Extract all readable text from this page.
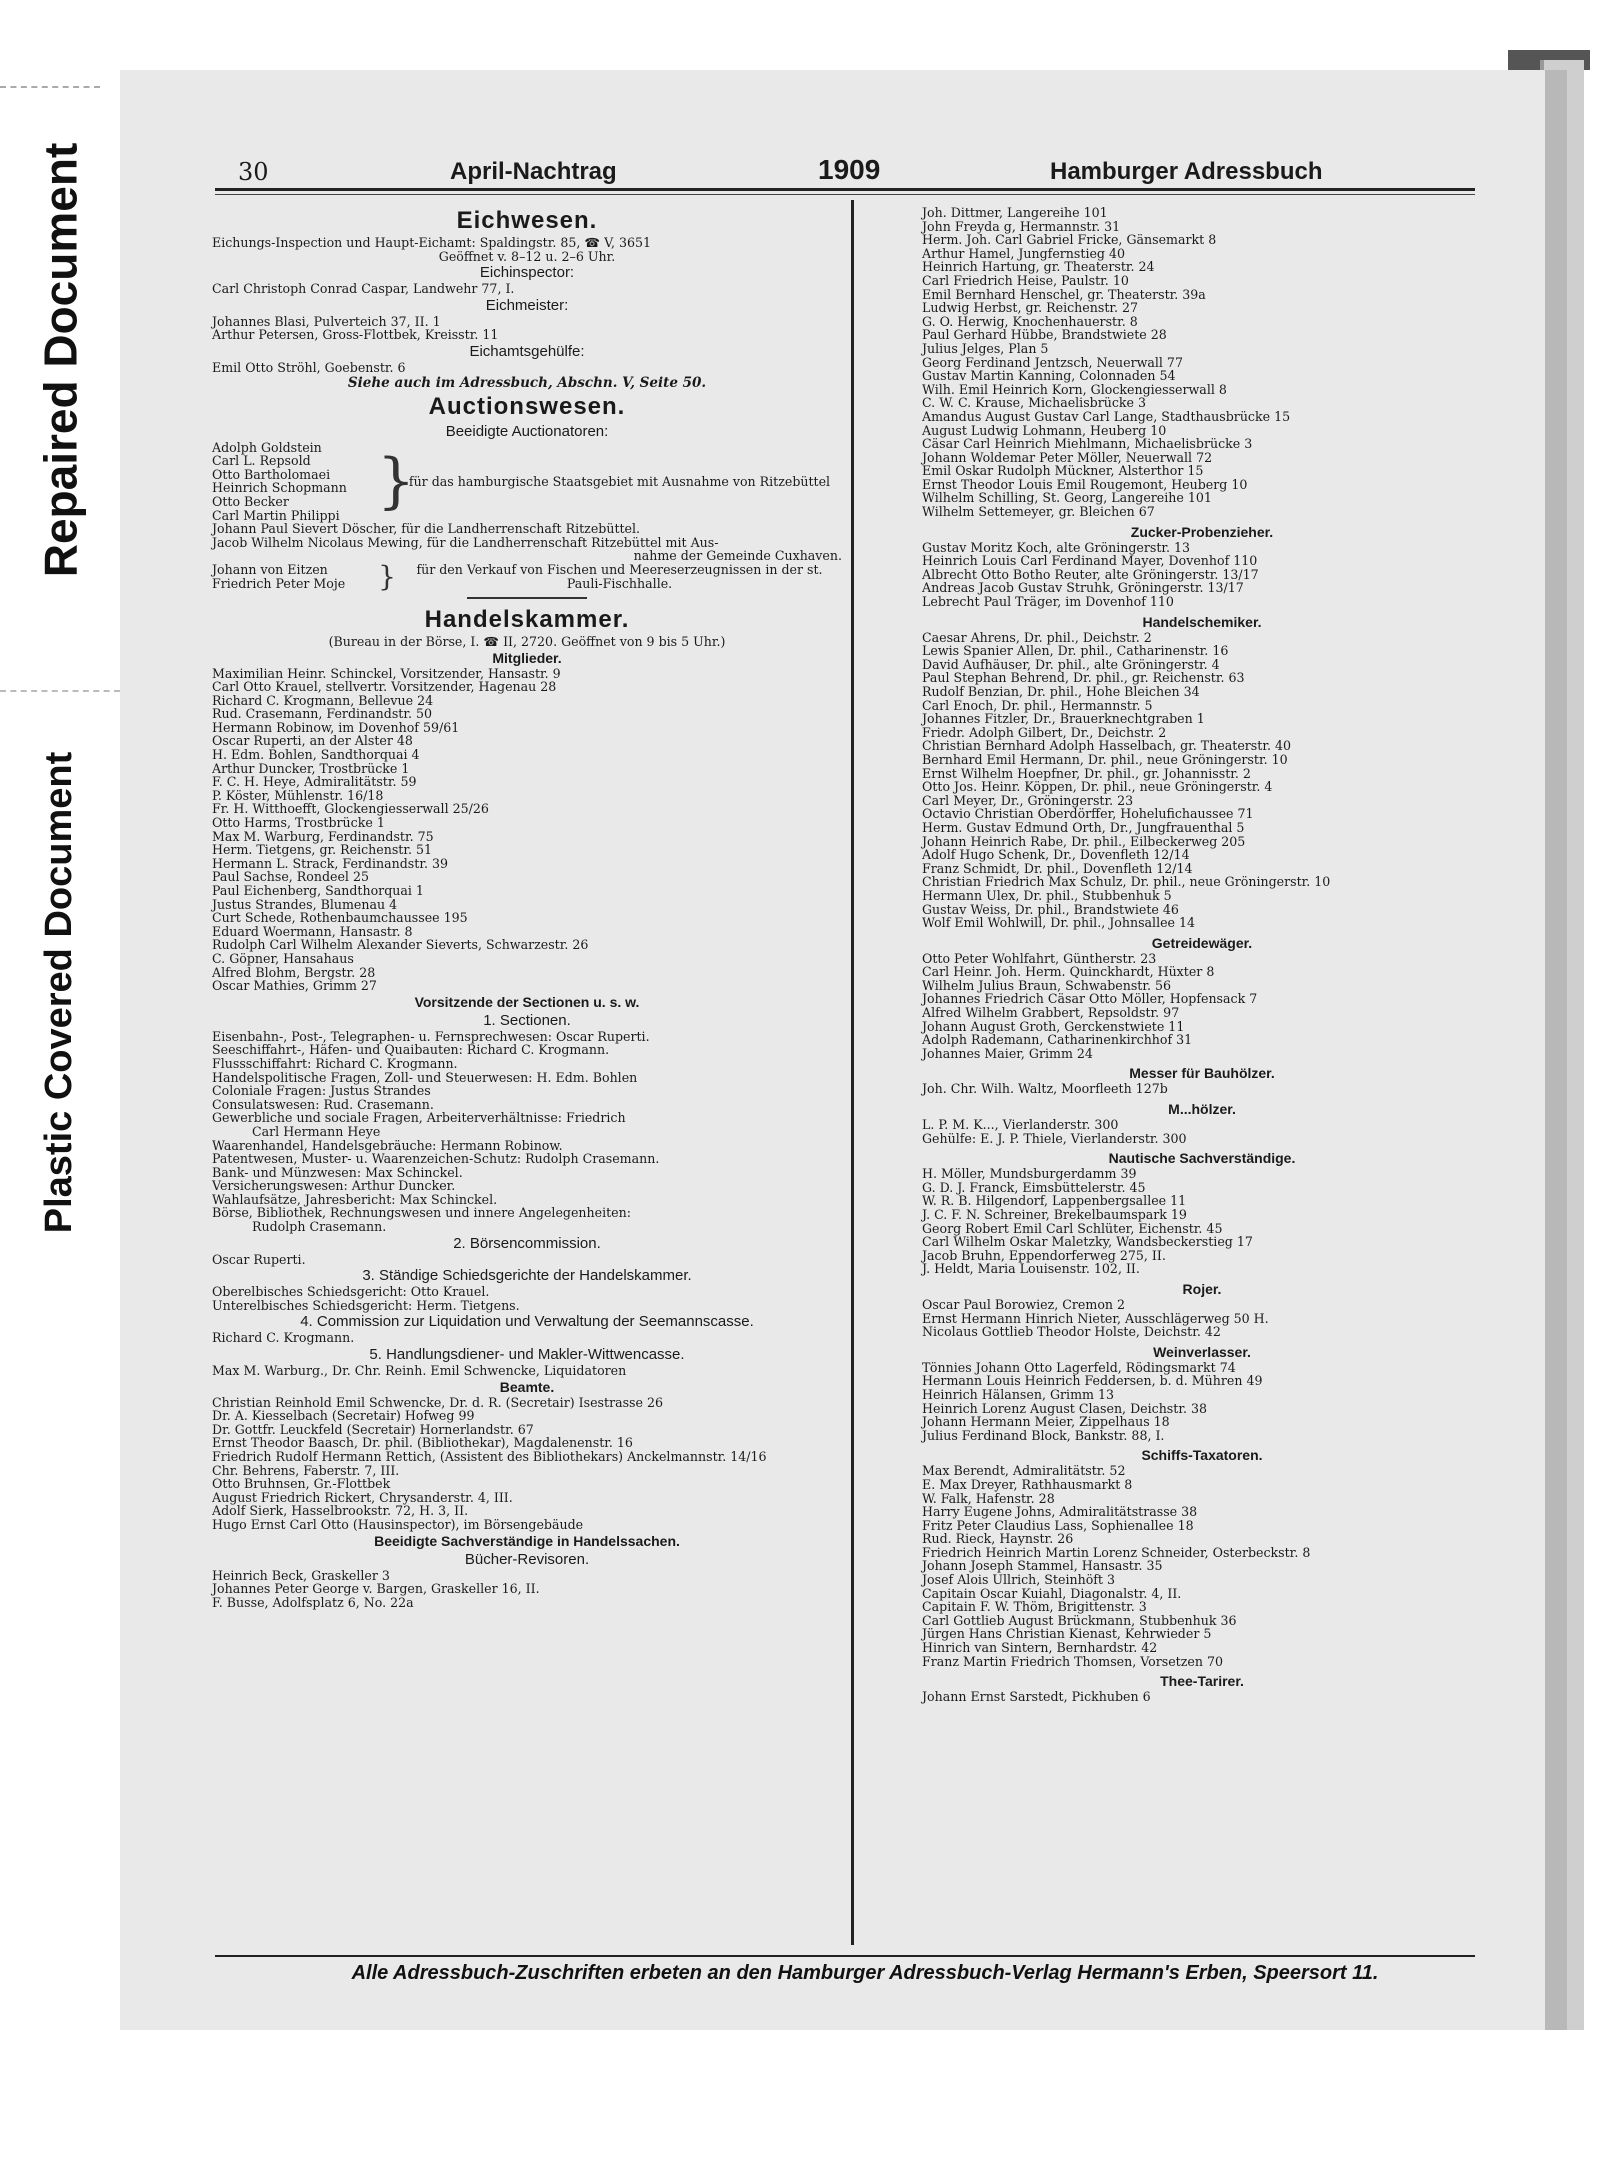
Repaired Document
Plastic Covered Document
30	April-Nachtrag	1909	Hamburger Adressbuch
Eichwesen.
Eichungs-Inspection und Haupt-Eichamt: Spaldingstr. 85, ☎ V, 3651
Geöffnet v. 8–12 u. 2–6 Uhr.
Eichinspector:
Carl Christoph Conrad Caspar, Landwehr 77, I.
Eichmeister:
Johannes Blasi, Pulverteich 37, II. 1
Arthur Petersen, Gross-Flottbek, Kreisstr. 11
Eichamtsgehülfe:
Emil Otto Ströhl, Goebenstr. 6
Siehe auch im Adressbuch, Abschn. V, Seite 50.
Auctionswesen.
Beeidigte Auctionatoren:
Adolph Goldstein
Carl L. Repsold
Otto Bartholomaei
Heinrich Schopmann
Otto Becker
Carl Martin Philippi }
für das hamburgische Staatsgebiet mit Ausnahme von Ritzebüttel
Johann Paul Sievert Döscher, für die Landherrenschaft Ritzebüttel.
Jacob Wilhelm Nicolaus Mewing, für die Landherrenschaft Ritzebüttel mit Aus-
nahme der Gemeinde Cuxhaven.
Johann von Eitzen
Friedrich Peter Moje	}	für den Verkauf von Fischen und Meereserzeugnissen in der st. Pauli-Fischhalle.
Handelskammer.
(Bureau in der Börse, I. ☎ II, 2720. Geöffnet von 9 bis 5 Uhr.)
Mitglieder.
Maximilian Heinr. Schinckel, Vorsitzender, Hansastr. 9
Carl Otto Krauel, stellvertr. Vorsitzender, Hagenau 28
Richard C. Krogmann, Bellevue 24
Rud. Crasemann, Ferdinandstr. 50
Hermann Robinow, im Dovenhof 59/61
Oscar Ruperti, an der Alster 48
H. Edm. Bohlen, Sandthorquai 4
Arthur Duncker, Trostbrücke 1
F. C. H. Heye, Admiralitätstr. 59
P. Köster, Mühlenstr. 16/18
Fr. H. Witthoefft, Glockengiesserwall 25/26
Otto Harms, Trostbrücke 1
Max M. Warburg, Ferdinandstr. 75
Herm. Tietgens, gr. Reichenstr. 51
Hermann L. Strack, Ferdinandstr. 39
Paul Sachse, Rondeel 25
Paul Eichenberg, Sandthorquai 1
Justus Strandes, Blumenau 4
Curt Schede, Rothenbaumchaussee 195
Eduard Woermann, Hansastr. 8
Rudolph Carl Wilhelm Alexander Sieverts, Schwarzestr. 26
C. Göpner, Hansahaus
Alfred Blohm, Bergstr. 28
Oscar Mathies, Grimm 27
Vorsitzende der Sectionen u. s. w.
1. Sectionen.
Eisenbahn-, Post-, Telegraphen- u. Fernsprechwesen: Oscar Ruperti.
Seeschiffahrt-, Häfen- und Quaibauten: Richard C. Krogmann.
Flussschiffahrt: Richard C. Krogmann.
Handelspolitische Fragen, Zoll- und Steuerwesen: H. Edm. Bohlen
Coloniale Fragen: Justus Strandes
Consulatswesen: Rud. Crasemann.
Gewerbliche und sociale Fragen, Arbeiterverhältnisse: Friedrich
Carl Hermann Heye
Waarenhandel, Handelsgebräuche: Hermann Robinow.
Patentwesen, Muster- u. Waarenzeichen-Schutz: Rudolph Crasemann.
Bank- und Münzwesen: Max Schinckel.
Versicherungswesen: Arthur Duncker.
Wahlaufsätze, Jahresbericht: Max Schinckel.
Börse, Bibliothek, Rechnungswesen und innere Angelegenheiten:
Rudolph Crasemann.
2. Börsencommission.
Oscar Ruperti.
3. Ständige Schiedsgerichte der Handelskammer.
Oberelbisches Schiedsgericht: Otto Krauel.
Unterelbisches Schiedsgericht: Herm. Tietgens.
4. Commission zur Liquidation und Verwaltung der Seemannscasse.
Richard C. Krogmann.
5. Handlungsdiener- und Makler-Wittwencasse.
Max M. Warburg., Dr. Chr. Reinh. Emil Schwencke, Liquidatoren
Beamte.
Christian Reinhold Emil Schwencke, Dr. d. R. (Secretair) Isestrasse 26
Dr. A. Kiesselbach (Secretair) Hofweg 99
Dr. Gottfr. Leuckfeld (Secretair) Hornerlandstr. 67
Ernst Theodor Baasch, Dr. phil. (Bibliothekar), Magdalenenstr. 16
Friedrich Rudolf Hermann Rettich, (Assistent des Bibliothekars) Anckelmannstr. 14/16
Chr. Behrens, Faberstr. 7, III.
Otto Bruhnsen, Gr.-Flottbek
August Friedrich Rickert, Chrysanderstr. 4, III.
Adolf Sierk, Hasselbrookstr. 72, H. 3, II.
Hugo Ernst Carl Otto (Hausinspector), im Börsengebäude
Beeidigte Sachverständige in Handelssachen.
Bücher-Revisoren.
Heinrich Beck, Graskeller 3
Johannes Peter George v. Bargen, Graskeller 16, II.
F. Busse, Adolfsplatz 6, No. 22a
Joh. Dittmer, Langereihe 101
John Freyda g, Hermannstr. 31
Herm. Joh. Carl Gabriel Fricke, Gänsemarkt 8
Arthur Hamel, Jungfernstieg 40
Heinrich Hartung, gr. Theaterstr. 24
Carl Friedrich Heise, Paulstr. 10
Emil Bernhard Henschel, gr. Theaterstr. 39a
Ludwig Herbst, gr. Reichenstr. 27
G. O. Herwig, Knochenhauerstr. 8
Paul Gerhard Hübbe, Brandstwiete 28
Julius Jelges, Plan 5
Georg Ferdinand Jentzsch, Neuerwall 77
Gustav Martin Kanning, Colonnaden 54
Wilh. Emil Heinrich Korn, Glockengiesserwall 8
C. W. C. Krause, Michaelisbrücke 3
Amandus August Gustav Carl Lange, Stadthausbrücke 15
August Ludwig Lohmann, Heuberg 10
Cäsar Carl Heinrich Miehlmann, Michaelisbrücke 3
Johann Woldemar Peter Möller, Neuerwall 72
Emil Oskar Rudolph Mückner, Alsterthor 15
Ernst Theodor Louis Emil Rougemont, Heuberg 10
Wilhelm Schilling, St. Georg, Langereihe 101
Wilhelm Settemeyer, gr. Bleichen 67
Zucker-Probenzieher.
Gustav Moritz Koch, alte Gröningerstr. 13
Heinrich Louis Carl Ferdinand Mayer, Dovenhof 110
Albrecht Otto Botho Reuter, alte Gröningerstr. 13/17
Andreas Jacob Gustav Struhk, Gröningerstr. 13/17
Lebrecht Paul Träger, im Dovenhof 110
Handelschemiker.
Caesar Ahrens, Dr. phil., Deichstr. 2
Lewis Spanier Allen, Dr. phil., Catharinenstr. 16
David Aufhäuser, Dr. phil., alte Gröningerstr. 4
Paul Stephan Behrend, Dr. phil., gr. Reichenstr. 63
Rudolf Benzian, Dr. phil., Hohe Bleichen 34
Carl Enoch, Dr. phil., Hermannstr. 5
Johannes Fitzler, Dr., Brauerknechtgraben 1
Friedr. Adolph Gilbert, Dr., Deichstr. 2
Christian Bernhard Adolph Hasselbach, gr. Theaterstr. 40
Bernhard Emil Hermann, Dr. phil., neue Gröningerstr. 10
Ernst Wilhelm Hoepfner, Dr. phil., gr. Johannisstr. 2
Otto Jos. Heinr. Köppen, Dr. phil., neue Gröningerstr. 4
Carl Meyer, Dr., Gröningerstr. 23
Octavio Christian Oberdörffer, Hohelufichaussee 71
Herm. Gustav Edmund Orth, Dr., Jungfrauenthal 5
Johann Heinrich Rabe, Dr. phil., Eilbeckerweg 205
Adolf Hugo Schenk, Dr., Dovenfleth 12/14
Franz Schmidt, Dr. phil., Dovenfleth 12/14
Christian Friedrich Max Schulz, Dr. phil., neue Gröningerstr. 10
Hermann Ulex, Dr. phil., Stubbenhuk 5
Gustav Weiss, Dr. phil., Brandstwiete 46
Wolf Emil Wohlwill, Dr. phil., Johnsallee 14
Getreidewäger.
Otto Peter Wohlfahrt, Güntherstr. 23
Carl Heinr. Joh. Herm. Quinckhardt, Hüxter 8
Wilhelm Julius Braun, Schwabenstr. 56
Johannes Friedrich Cäsar Otto Möller, Hopfensack 7
Alfred Wilhelm Grabbert, Repsoldstr. 97
Johann August Groth, Gerckenstwiete 11
Adolph Rademann, Catharinenkirchhof 31
Johannes Maier, Grimm 24
Messer für Bauhölzer.
Joh. Chr. Wilh. Waltz, Moorfleeth 127b
M...hölzer.
L. P. M. K..., Vierlanderstr. 300
Gehülfe: E. J. P. Thiele, Vierlanderstr. 300
Nautische Sachverständige.
H. Möller, Mundsburgerdamm 39
G. D. J. Franck, Eimsbüttelerstr. 45
W. R. B. Hilgendorf, Lappenbergsallee 11
J. C. F. N. Schreiner, Brekelbaumspark 19
Georg Robert Emil Carl Schlüter, Eichenstr. 45
Carl Wilhelm Oskar Maletzky, Wandsbeckerstieg 17
Jacob Bruhn, Eppendorferweg 275, II.
J. Heldt, Maria Louisenstr. 102, II.
Rojer.
Oscar Paul Borowiez, Cremon 2
Ernst Hermann Hinrich Nieter, Ausschlägerweg 50 H.
Nicolaus Gottlieb Theodor Holste, Deichstr. 42
Weinverlasser.
Tönnies Johann Otto Lagerfeld, Rödingsmarkt 74
Hermann Louis Heinrich Feddersen, b. d. Mühren 49
Heinrich Hälansen, Grimm 13
Heinrich Lorenz August Clasen, Deichstr. 38
Johann Hermann Meier, Zippelhaus 18
Julius Ferdinand Block, Bankstr. 88, I.
Schiffs-Taxatoren.
Max Berendt, Admiralitätstr. 52
E. Max Dreyer, Rathhausmarkt 8
W. Falk, Hafenstr. 28
Harry Eugene Johns, Admiralitätstrasse 38
Fritz Peter Claudius Lass, Sophienallee 18
Rud. Rieck, Haynstr. 26
Friedrich Heinrich Martin Lorenz Schneider, Osterbeckstr. 8
Johann Joseph Stammel, Hansastr. 35
Josef Alois Ullrich, Steinhöft 3
Capitain Oscar Kuiahl, Diagonalstr. 4, II.
Capitain F. W. Thöm, Brigittenstr. 3
Carl Gottlieb August Brückmann, Stubbenhuk 36
Jürgen Hans Christian Kienast, Kehrwieder 5
Hinrich van Sintern, Bernhardstr. 42
Franz Martin Friedrich Thomsen, Vorsetzen 70
Thee-Tarirer.
Johann Ernst Sarstedt, Pickhuben 6
Alle Adressbuch-Zuschriften erbeten an den Hamburger Adressbuch-Verlag Hermann's Erben, Speersort 11.
